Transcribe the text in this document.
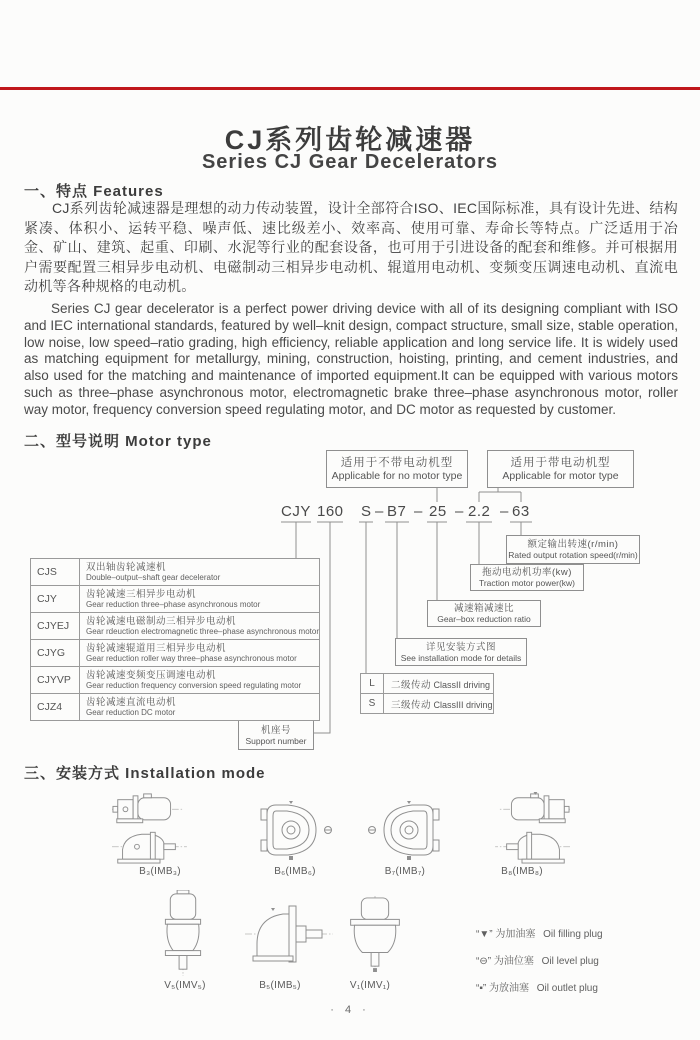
CJ系列齿轮减速器
Series CJ Gear Decelerators
一、特点 Features
CJ系列齿轮减速器是理想的动力传动装置，设计全部符合ISO、IEC国际标准，具有设计先进、结构紧凑、体积小、运转平稳、噪声低、速比级差小、效率高、使用可靠、寿命长等特点。广泛适用于冶金、矿山、建筑、起重、印刷、水泥等行业的配套设备，也可用于引进设备的配套和维修。并可根据用户需要配置三相异步电动机、电磁制动三相异步电动机、辊道用电动机、变频变压调速电动机、直流电动机等各种规格的电动机。
Series CJ gear decelerator is a perfect power driving device with all of its designing compliant with ISO and IEC international standards, featured by well–knit design, compact structure, small size, stable operation, low noise, low speed–ratio grading, high efficiency, reliable application and long service life. It is widely used as matching equipment for metallurgy, mining, construction, hoisting, printing, and cement industries, and also used for the matching and maintenance of imported equipment.It can be equipped with various motors such as three–phase asynchronous motor, electromagnetic brake three–phase asynchronous motor, roller way motor, frequency conversion speed regulating motor, and DC motor as requested by customer.
二、型号说明 Motor type
CJY 160 S – B7 – 25 – 2.2 – 63
适用于不带电动机型
Applicable for no motor type
适用于带电动机型
Applicable for motor type
额定输出转速(r/min)
Rated output rotation speed(r/min)
拖动电动机功率(kw)
Traction motor power(kw)
减速箱减速比
Gear–box reduction ratio
详见安装方式图
See installation mode for details
机座号
Support number
L	二级传动 ClassII driving
S	三级传动 ClassIII driving
CJS	双出轴齿轮减速机
Double–output–shaft gear decelerator

CJY	齿轮减速三相异步电动机
Gear reduction three–phase asynchronous motor

CJYEJ	齿轮减速电磁制动三相异步电动机
Gear rdeuction electromagnetic three–phase asynchronous motor

CJYG	齿轮减速辊道用三相异步电动机
Gear reduction roller way three–phase asynchronous motor

CJYVP	齿轮减速变频变压调速电动机
Gear reduction frequency conversion speed regulating motor

CJZ4	齿轮减速直流电动机
Gear reduction DC motor
三、安装方式 Installation mode
B₃(IMB₃)	B₆(IMB₆)	B₇(IMB₇)	B₈(IMB₈)
V₅(IMV₅)	B₅(IMB₅)	V₁(IMV₁)
“▼” 为加油塞 Oil filling plug
“⊖” 为油位塞 Oil level plug
“▪” 为放油塞 Oil outlet plug
· 4 ·
